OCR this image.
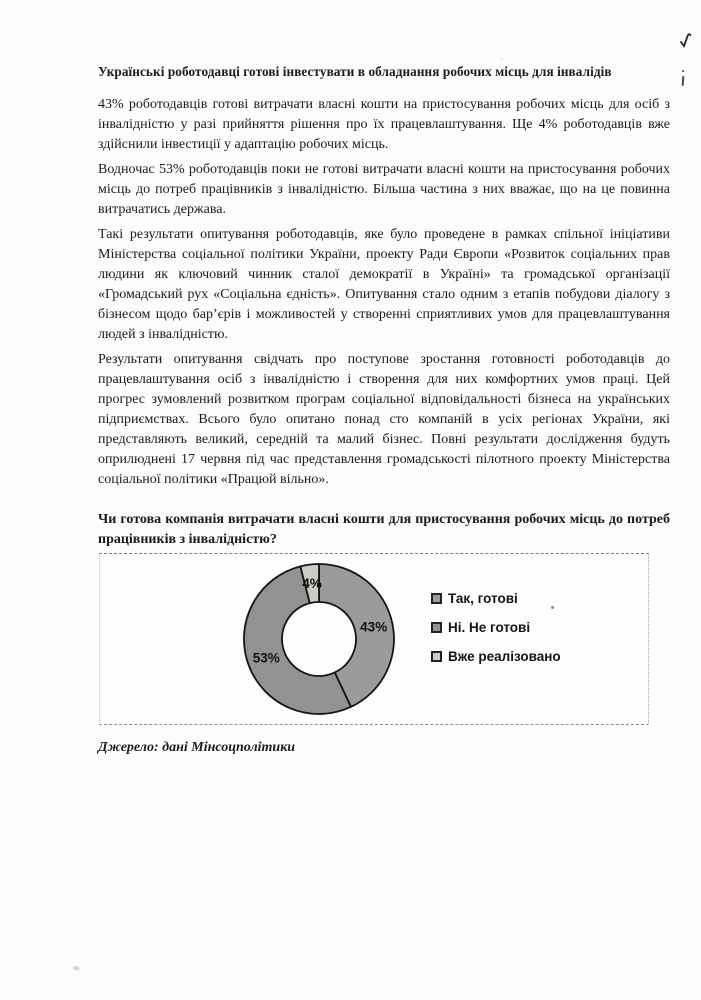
Українські роботодавці готові інвестувати в обладнання робочих місць для інвалідів

43% роботодавців готові витрачати власні кошти на пристосування робочих місць для осіб з інвалідністю у разі прийняття рішення про їх працевлаштування. Ще 4% роботодавців вже здійснили інвестиції у адаптацію робочих місць.

Водночас 53% роботодавців поки не готові витрачати власні кошти на пристосування робочих місць до потреб працівників з інвалідністю. Більша частина з них вважає, що на це повинна витрачатись держава.

Такі результати опитування роботодавців, яке було проведене в рамках спільної ініціативи Міністерства соціальної політики України, проекту Ради Європи «Розвиток соціальних прав людини як ключовий чинник сталої демократії в Україні» та громадської організації «Громадський рух «Соціальна єдність». Опитування стало одним з етапів побудови діалогу з бізнесом щодо бар’єрів і можливостей у створенні сприятливих умов для працевлаштування людей з інвалідністю.

Результати опитування свідчать про поступове зростання готовності роботодавців до працевлаштування осіб з інвалідністю і створення для них комфортних умов праці. Цей прогрес зумовлений розвитком програм соціальної відповідальності бізнеса на українських підприємствах. Всього було опитано понад сто компаній в усіх регіонах України, які представляють великий, середній та малий бізнес. Повні результати дослідження будуть оприлюднені 17 червня під час представлення громадськості пілотного проекту Міністерства соціальної політики «Працюй вільно».

Чи готова компанія витрачати власні кошти для пристосування робочих місць до потреб працівників з інвалідністю?

43%
53%
4%
Так, готові
Ні. Не готові
Вже реалізовано

Джерело: дані Мінсоцполітики
